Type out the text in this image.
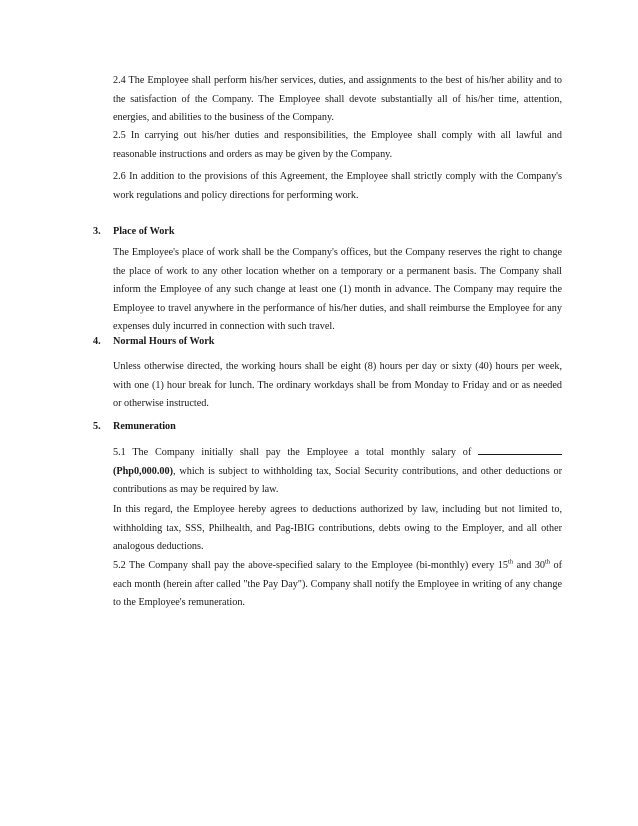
2.4 The Employee shall perform his/her services, duties, and assignments to the best of his/her ability and to the satisfaction of the Company. The Employee shall devote substantially all of his/her time, attention, energies, and abilities to the business of the Company.

2.5 In carrying out his/her duties and responsibilities, the Employee shall comply with all lawful and reasonable instructions and orders as may be given by the Company.

2.6 In addition to the provisions of this Agreement, the Employee shall strictly comply with the Company's work regulations and policy directions for performing work.

3. Place of Work

The Employee's place of work shall be the Company's offices, but the Company reserves the right to change the place of work to any other location whether on a temporary or a permanent basis. The Company shall inform the Employee of any such change at least one (1) month in advance. The Company may require the Employee to travel anywhere in the performance of his/her duties, and shall reimburse the Employee for any expenses duly incurred in connection with such travel.

4. Normal Hours of Work

Unless otherwise directed, the working hours shall be eight (8) hours per day or sixty (40) hours per week, with one (1) hour break for lunch. The ordinary workdays shall be from Monday to Friday and or as needed or otherwise instructed.

5. Remuneration

5.1 The Company initially shall pay the Employee a total monthly salary of  (Php0,000.00), which is subject to withholding tax, Social Security contributions, and other deductions or contributions as may be required by law.

In this regard, the Employee hereby agrees to deductions authorized by law, including but not limited to, withholding tax, SSS, Philhealth, and Pag-IBIG contributions, debts owing to the Employer, and all other analogous deductions.

5.2 The Company shall pay the above-specified salary to the Employee (bi-monthly) every 15th and 30th of each month (herein after called "the Pay Day"). Company shall notify the Employee in writing of any change to the Employee's remuneration.
